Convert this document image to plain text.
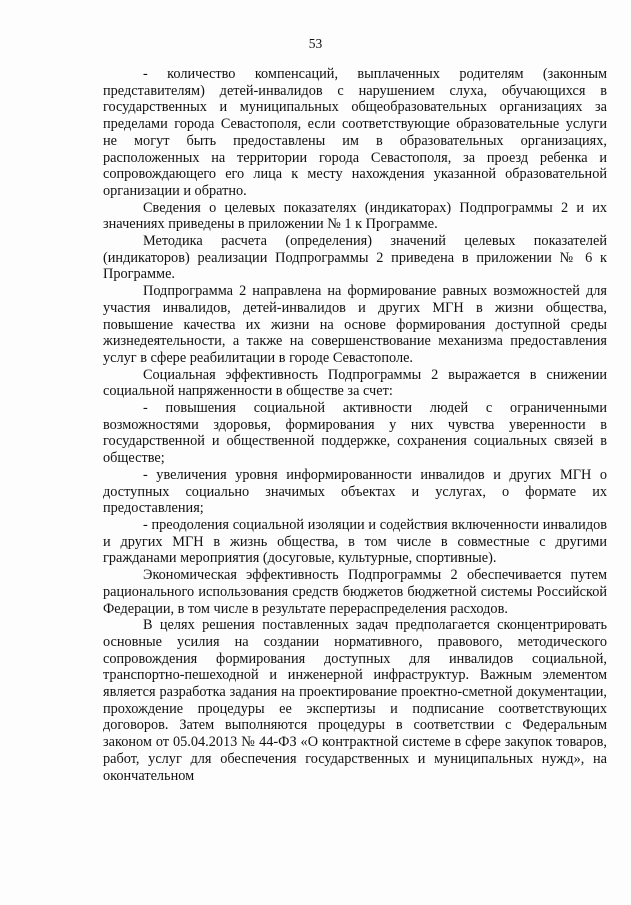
53

- количество компенсаций, выплаченных родителям (законным представителям) детей-инвалидов с нарушением слуха, обучающихся в государственных и муниципальных общеобразовательных организациях за пределами города Севастополя, если соответствующие образовательные услуги не могут быть предоставлены им в образовательных организациях, расположенных на территории города Севастополя, за проезд ребенка и сопровождающего его лица к месту нахождения указанной образовательной организации и обратно.

Сведения о целевых показателях (индикаторах) Подпрограммы 2 и их значениях приведены в приложении № 1 к Программе.

Методика расчета (определения) значений целевых показателей (индикаторов) реализации Подпрограммы 2 приведена в приложении № 6 к Программе.

Подпрограмма 2 направлена на формирование равных возможностей для участия инвалидов, детей-инвалидов и других МГН в жизни общества, повышение качества их жизни на основе формирования доступной среды жизнедеятельности, а также на совершенствование механизма предоставления услуг в сфере реабилитации в городе Севастополе.

Социальная эффективность Подпрограммы 2 выражается в снижении социальной напряженности в обществе за счет:

- повышения социальной активности людей с ограниченными возможностями здоровья, формирования у них чувства уверенности в государственной и общественной поддержке, сохранения социальных связей в обществе;

- увеличения уровня информированности инвалидов и других МГН о доступных социально значимых объектах и услугах, о формате их предоставления;

- преодоления социальной изоляции и содействия включенности инвалидов и других МГН в жизнь общества, в том числе в совместные с другими гражданами мероприятия (досуговые, культурные, спортивные).

Экономическая эффективность Подпрограммы 2 обеспечивается путем рационального использования средств бюджетов бюджетной системы Российской Федерации, в том числе в результате перераспределения расходов.

В целях решения поставленных задач предполагается сконцентрировать основные усилия на создании нормативного, правового, методического сопровождения формирования доступных для инвалидов социальной, транспортно-пешеходной и инженерной инфраструктур. Важным элементом является разработка задания на проектирование проектно-сметной документации, прохождение процедуры ее экспертизы и подписание соответствующих договоров. Затем выполняются процедуры в соответствии с Федеральным законом от 05.04.2013 № 44-ФЗ «О контрактной системе в сфере закупок товаров, работ, услуг для обеспечения государственных и муниципальных нужд», на окончательном
